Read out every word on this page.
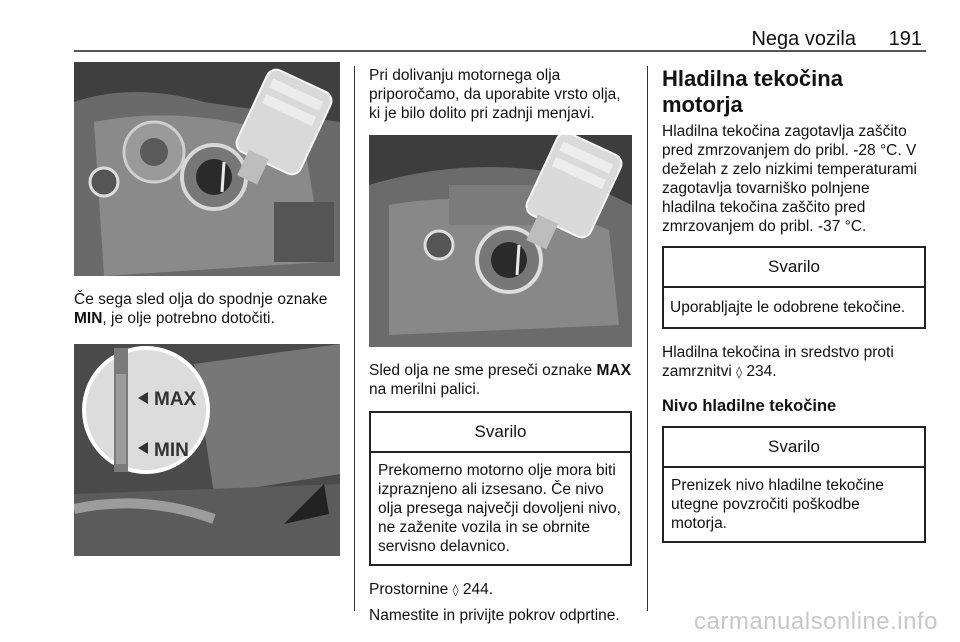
Nega vozila 191

Če sega sled olja do spodnje oznake MIN, je olje potrebno dotočiti.

MAX
MIN

Pri dolivanju motornega olja priporočamo, da uporabite vrsto olja, ki je bilo dolito pri zadnji menjavi.

Sled olja ne sme preseči oznake MAX na merilni palici.

Svarilo
Prekomerno motorno olje mora biti izpraznjeno ali izsesano. Če nivo olja presega največji dovoljeni nivo, ne zaženite vozila in se obrnite servisno delavnico.

Prostornine ◊ 244.

Namestite in privijte pokrov odprtine.

Hladilna tekočina motorja

Hladilna tekočina zagotavlja zaščito pred zmrzovanjem do pribl. -28 °C. V deželah z zelo nizkimi temperaturami zagotavlja tovarniško polnjene hladilna tekočina zaščito pred zmrzovanjem do pribl. -37 °C.

Svarilo
Uporabljajte le odobrene tekočine.

Hladilna tekočina in sredstvo proti zamrznitvi ◊ 234.

Nivo hladilne tekočine
Svarilo
Prenizek nivo hladilne tekočine utegne povzročiti poškodbe motorja.
carmanualsonline.info
